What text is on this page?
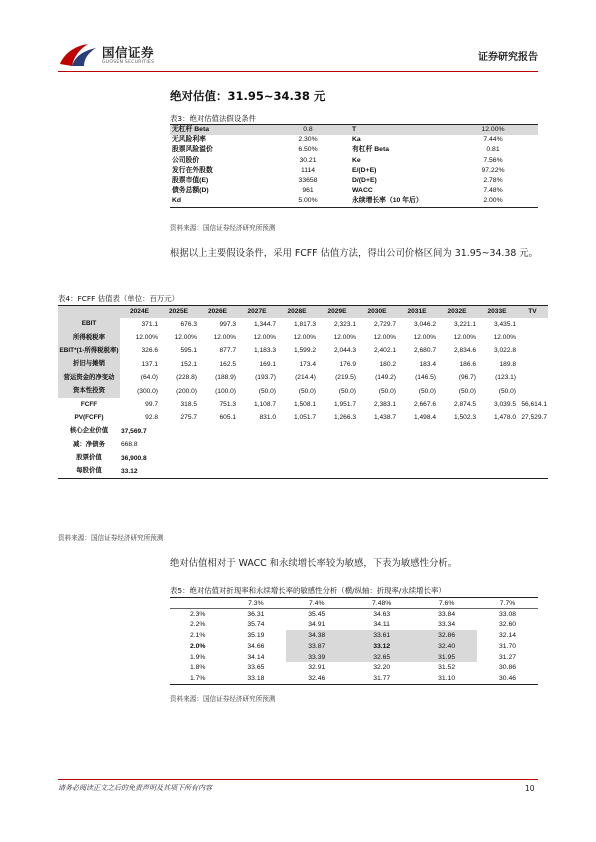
国信证券
GUOSEN SECURITIES	证券研究报告
绝对估值：31.95~34.38 元
表3：绝对估值法假设条件
无杠杆 Beta	0.8	T	12.00%
无风险利率	2.30%	Ka	7.44%
股票风险溢价	6.50%	有杠杆 Beta	0.81
公司股价	30.21	Ke	7.56%
发行在外股数	1114	E/(D+E)	97.22%
股票市值(E)	33658	D/(D+E)	2.78%
债务总额(D)	961	WACC	7.48%
Kd	5.00%	永续增长率（10 年后）	2.00%
资料来源：国信证券经济研究所预测
根据以上主要假设条件，采用 FCFF 估值方法，得出公司价格区间为 31.95~34.38 元。
表4：FCFF 估值表（单位：百万元）
	2024E	2025E	2026E	2027E	2028E	2029E	2030E	2031E	2032E	2033E	TV
EBIT	371.1	676.3	997.3	1,344.7	1,817.3	2,323.1	2,729.7	3,046.2	3,221.1	3,435.1	
所得税税率	12.00%	12.00%	12.00%	12.00%	12.00%	12.00%	12.00%	12.00%	12.00%	12.00%	
EBIT*(1-所得税税率)	326.6	595.1	877.7	1,183.3	1,599.2	2,044.3	2,402.1	2,680.7	2,834.6	3,022.8	
折旧与摊销	137.1	152.1	162.5	169.1	173.4	176.9	180.2	183.4	186.6	189.8	
营运资金的净变动	(64.0)	(228.8)	(188.9)	(193.7)	(214.4)	(219.5)	(149.2)	(146.5)	(96.7)	(123.1)	
资本性投资	(300.0)	(200.0)	(100.0)	(50.0)	(50.0)	(50.0)	(50.0)	(50.0)	(50.0)	(50.0)	
FCFF	99.7	318.5	751.3	1,108.7	1,508.1	1,951.7	2,383.1	2,667.6	2,874.5	3,039.5	56,614.1
PV(FCFF)	92.8	275.7	605.1	831.0	1,051.7	1,266.3	1,438.7	1,498.4	1,502.3	1,478.0	27,529.7
核心企业价值	37,569.7										
减：净债务	668.8										
股票价值	36,900.8										
每股价值	33.12										
资料来源：国信证券经济研究所预测
绝对估值相对于 WACC 和永续增长率较为敏感，下表为敏感性分析。
表5：绝对估值对折现率和永续增长率的敏感性分析（横/纵轴：折现率/永续增长率）
	7.3%	7.4%	7.48%	7.6%	7.7%
2.3%	36.31	35.45	34.63	33.84	33.08
2.2%	35.74	34.91	34.11	33.34	32.60
2.1%	35.19	34.38	33.61	32.86	32.14
2.0%	34.66	33.87	33.12	32.40	31.70
1.9%	34.14	33.39	32.65	31.95	31.27
1.8%	33.65	32.91	32.20	31.52	30.86
1.7%	33.18	32.46	31.77	31.10	30.46
资料来源：国信证券经济研究所预测
请务必阅读正文之后的免责声明及其项下所有内容	10
